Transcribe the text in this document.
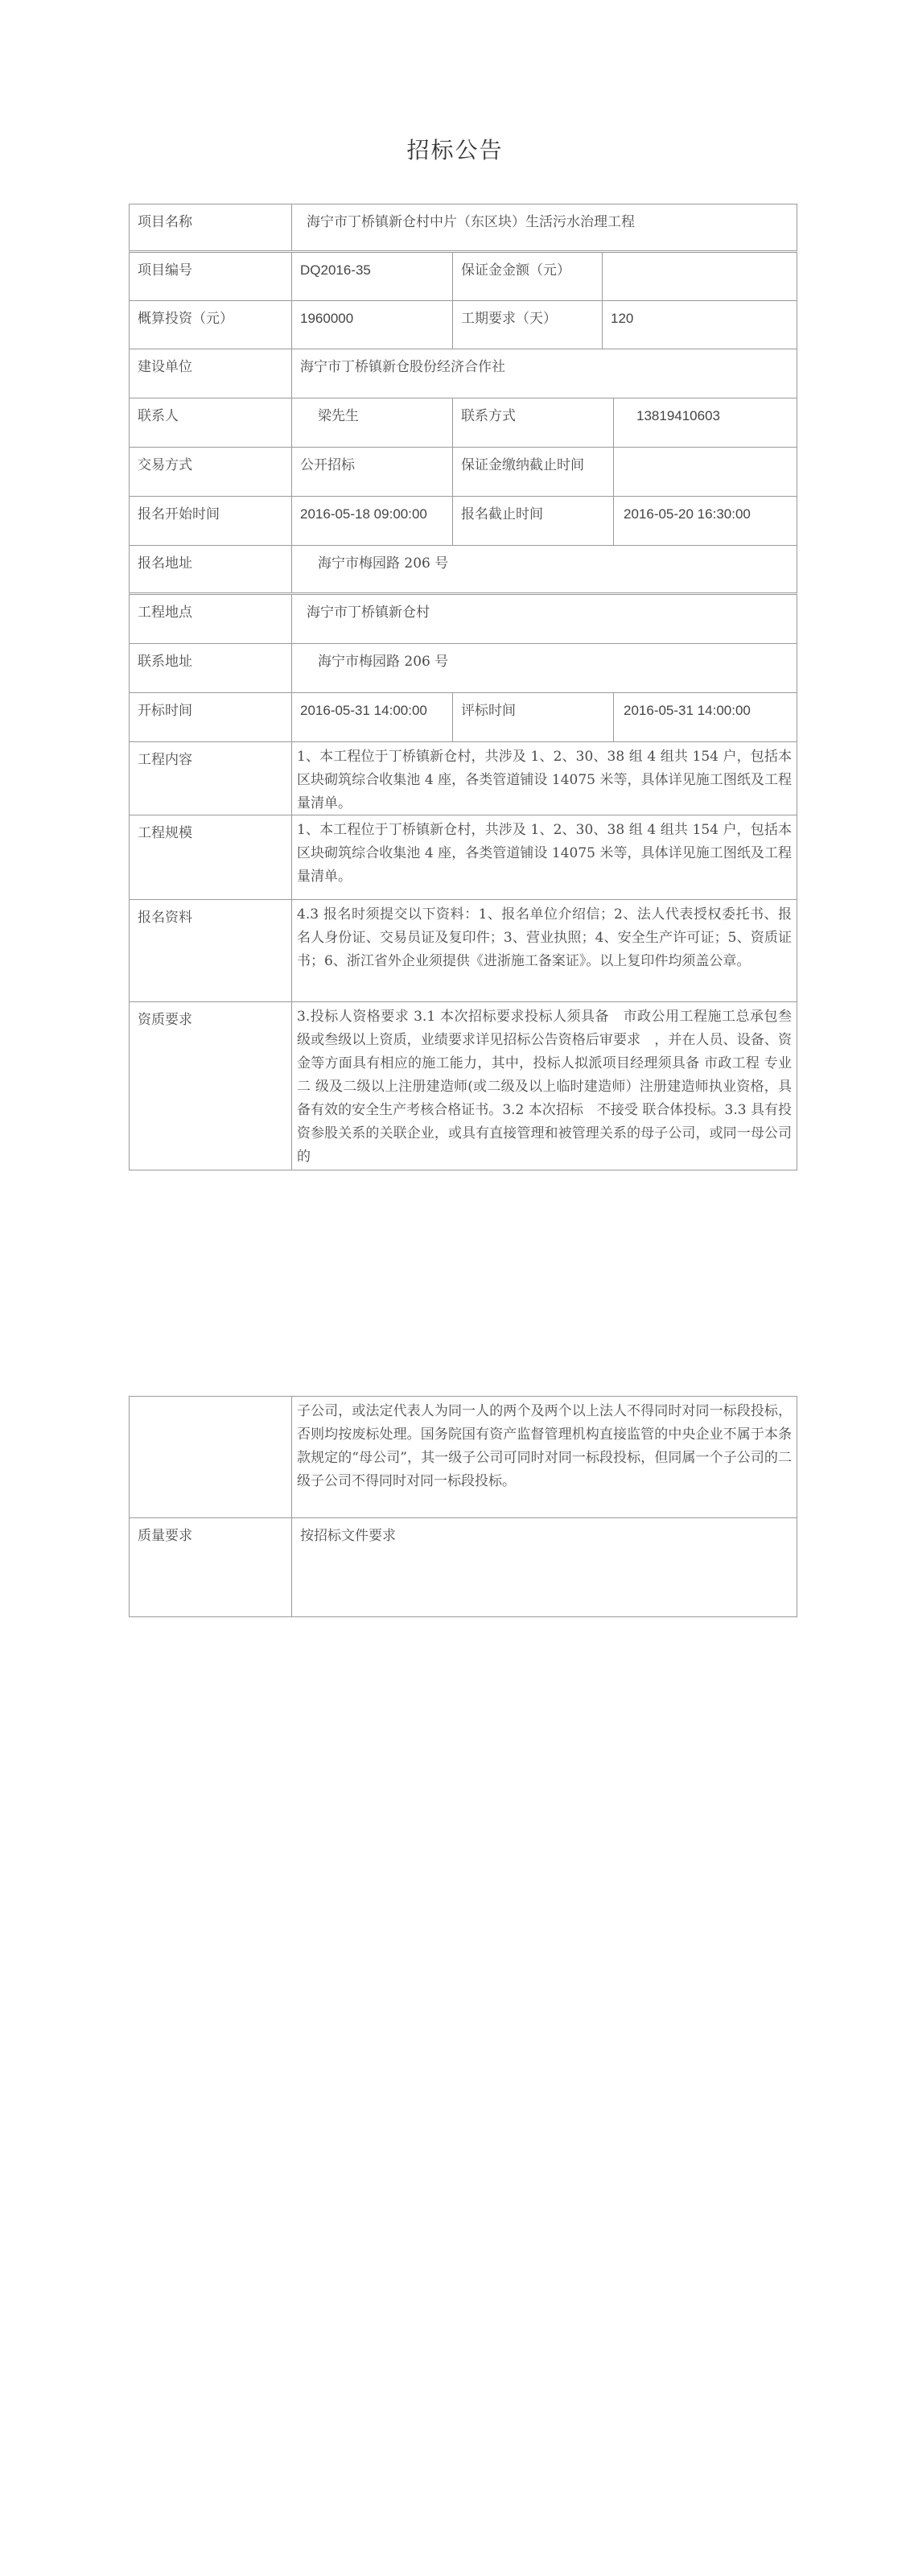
招标公告
项目名称	海宁市丁桥镇新仓村中片（东区块）生活污水治理工程
项目编号	DQ2016-35	保证金金额（元）
概算投资（元）	1960000	工期要求（天）	120
建设单位	海宁市丁桥镇新仓股份经济合作社
联系人	梁先生	联系方式	13819410603
交易方式	公开招标	保证金缴纳截止时间
报名开始时间	2016-05-18 09:00:00	报名截止时间	2016-05-20 16:30:00
报名地址	海宁市梅园路 206 号
工程地点	海宁市丁桥镇新仓村
联系地址	海宁市梅园路 206 号
开标时间	2016-05-31 14:00:00	评标时间	2016-05-31 14:00:00
工程内容	1、本工程位于丁桥镇新仓村，共涉及 1、2、30、38 组 4 组共 154 户，包括本区块砌筑综合收集池 4 座，各类管道铺设 14075 米等，具体详见施工图纸及工程量清单。
工程规模	1、本工程位于丁桥镇新仓村，共涉及 1、2、30、38 组 4 组共 154 户，包括本区块砌筑综合收集池 4 座，各类管道铺设 14075 米等，具体详见施工图纸及工程量清单。
报名资料	4.3 报名时须提交以下资料：1、报名单位介绍信；2、法人代表授权委托书、报名人身份证、交易员证及复印件；3、营业执照；4、安全生产许可证；5、资质证书；6、浙江省外企业须提供《进浙施工备案证》。以上复印件均须盖公章。
资质要求	3.投标人资格要求 3.1 本次招标要求投标人须具备　市政公用工程施工总承包叁级或叁级以上资质，业绩要求详见招标公告资格后审要求　，并在人员、设备、资金等方面具有相应的施工能力，其中，投标人拟派项目经理须具备 市政工程 专业 二 级及二级以上注册建造师(或二级及以上临时建造师）注册建造师执业资格，具备有效的安全生产考核合格证书。3.2 本次招标　不接受 联合体投标。3.3 具有投资参股关系的关联企业，或具有直接管理和被管理关系的母子公司，或同一母公司的
子公司，或法定代表人为同一人的两个及两个以上法人不得同时对同一标段投标，否则均按废标处理。国务院国有资产监督管理机构直接监管的中央企业不属于本条款规定的“母公司”，其一级子公司可同时对同一标段投标，但同属一个子公司的二级子公司不得同时对同一标段投标。
质量要求	按招标文件要求
